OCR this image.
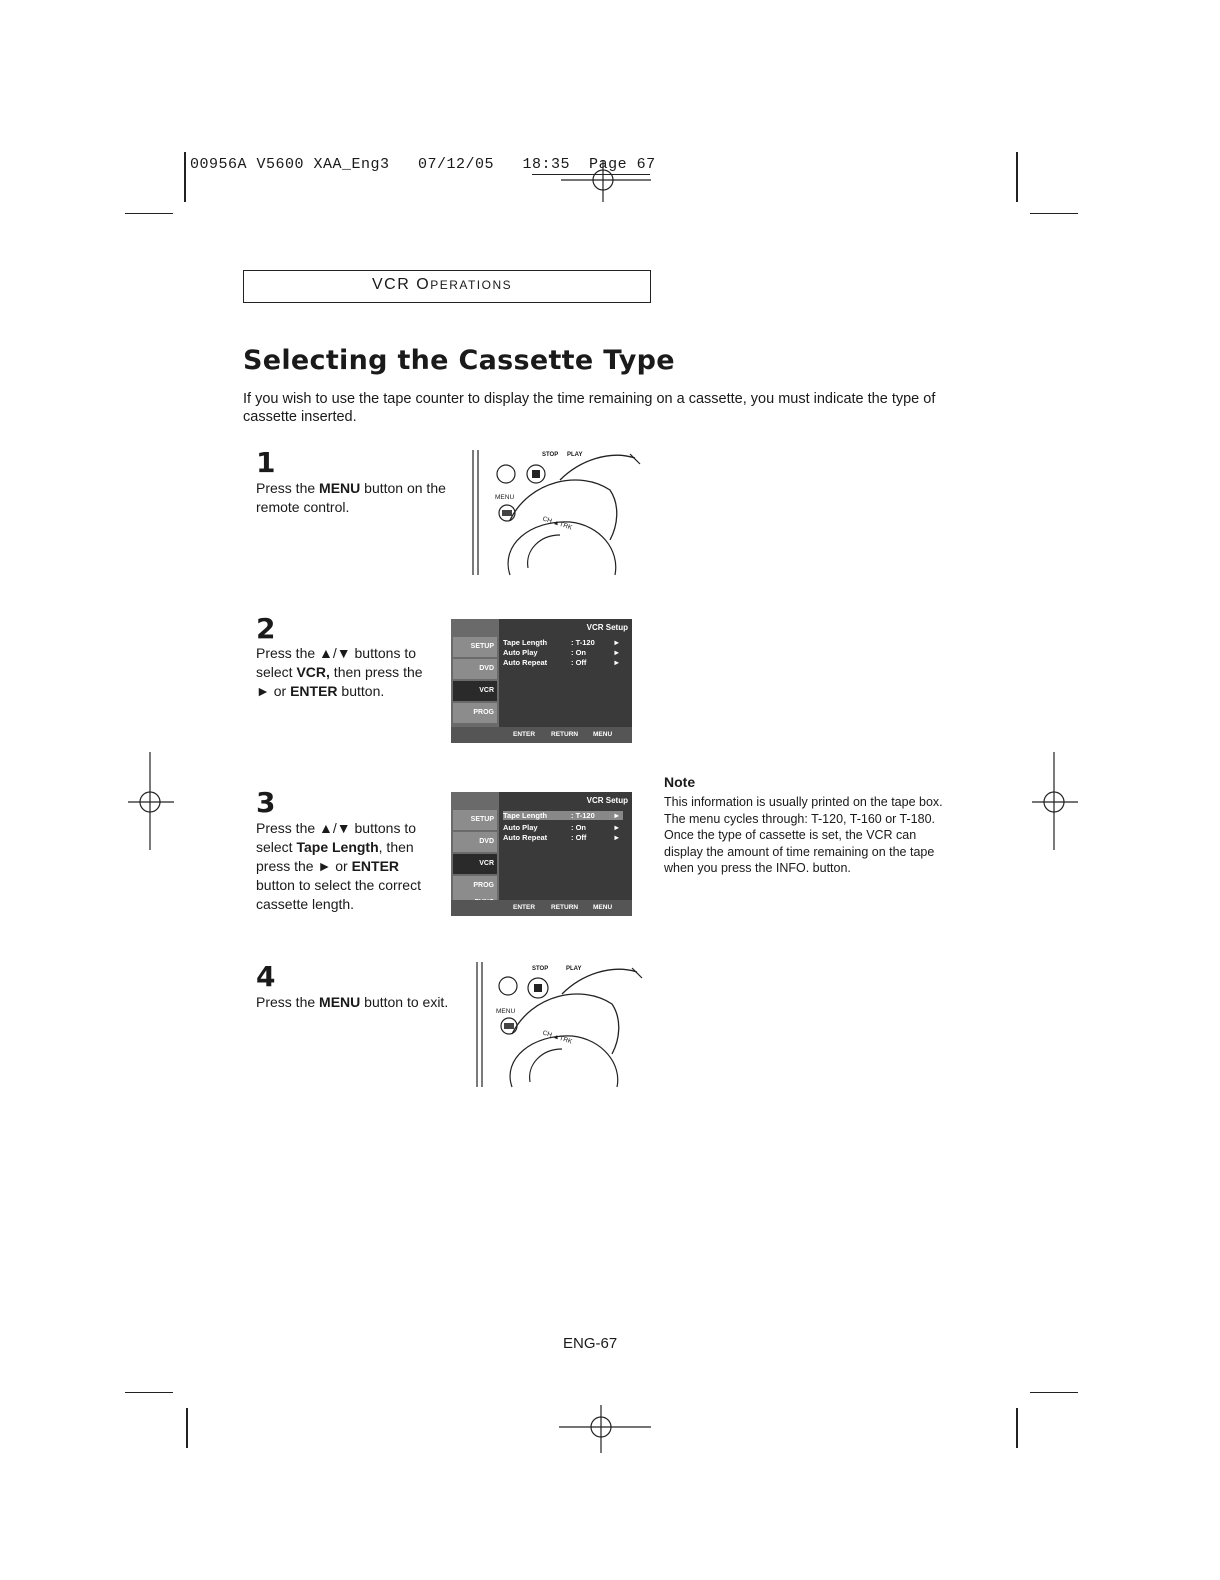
00956A V5600 XAA_Eng3   07/12/05   18:35  Page 67
VCR OPERATIONS
Selecting the Cassette Type
If you wish to use the tape counter to display the time remaining on a cassette, you must indicate the type of cassette inserted.
1
Press the MENU button on the remote control.
STOP PLAY
MENU
CH ▲TRK
2
Press the ▲/▼ buttons to select VCR, then press the ► or ENTER button.
SETUP
DVD
VCR
PROG
VCR Setup
Tape Length	: T-120 ►
Auto Play	: On	►
Auto Repeat	: Off	►
ENTER RETURN MENU
3
Press the ▲/▼ buttons to select Tape Length, then press the ► or ENTER button to select the correct cassette length.
SETUP
DVD
VCR
PROG
VCR Setup
Tape Length	: T-120 ►
Auto Play	: On	►
Auto Repeat	: Off	►
ENTER RETURN MENU
Note
This information is usually printed on the tape box. The menu cycles through: T-120, T-160 or T-180. Once the type of cassette is set, the VCR can display the amount of time remaining on the tape when you press the INFO. button.
4
Press the MENU button to exit.
STOP	PLAY
MENU
CH ▲TRK
ENG-67
